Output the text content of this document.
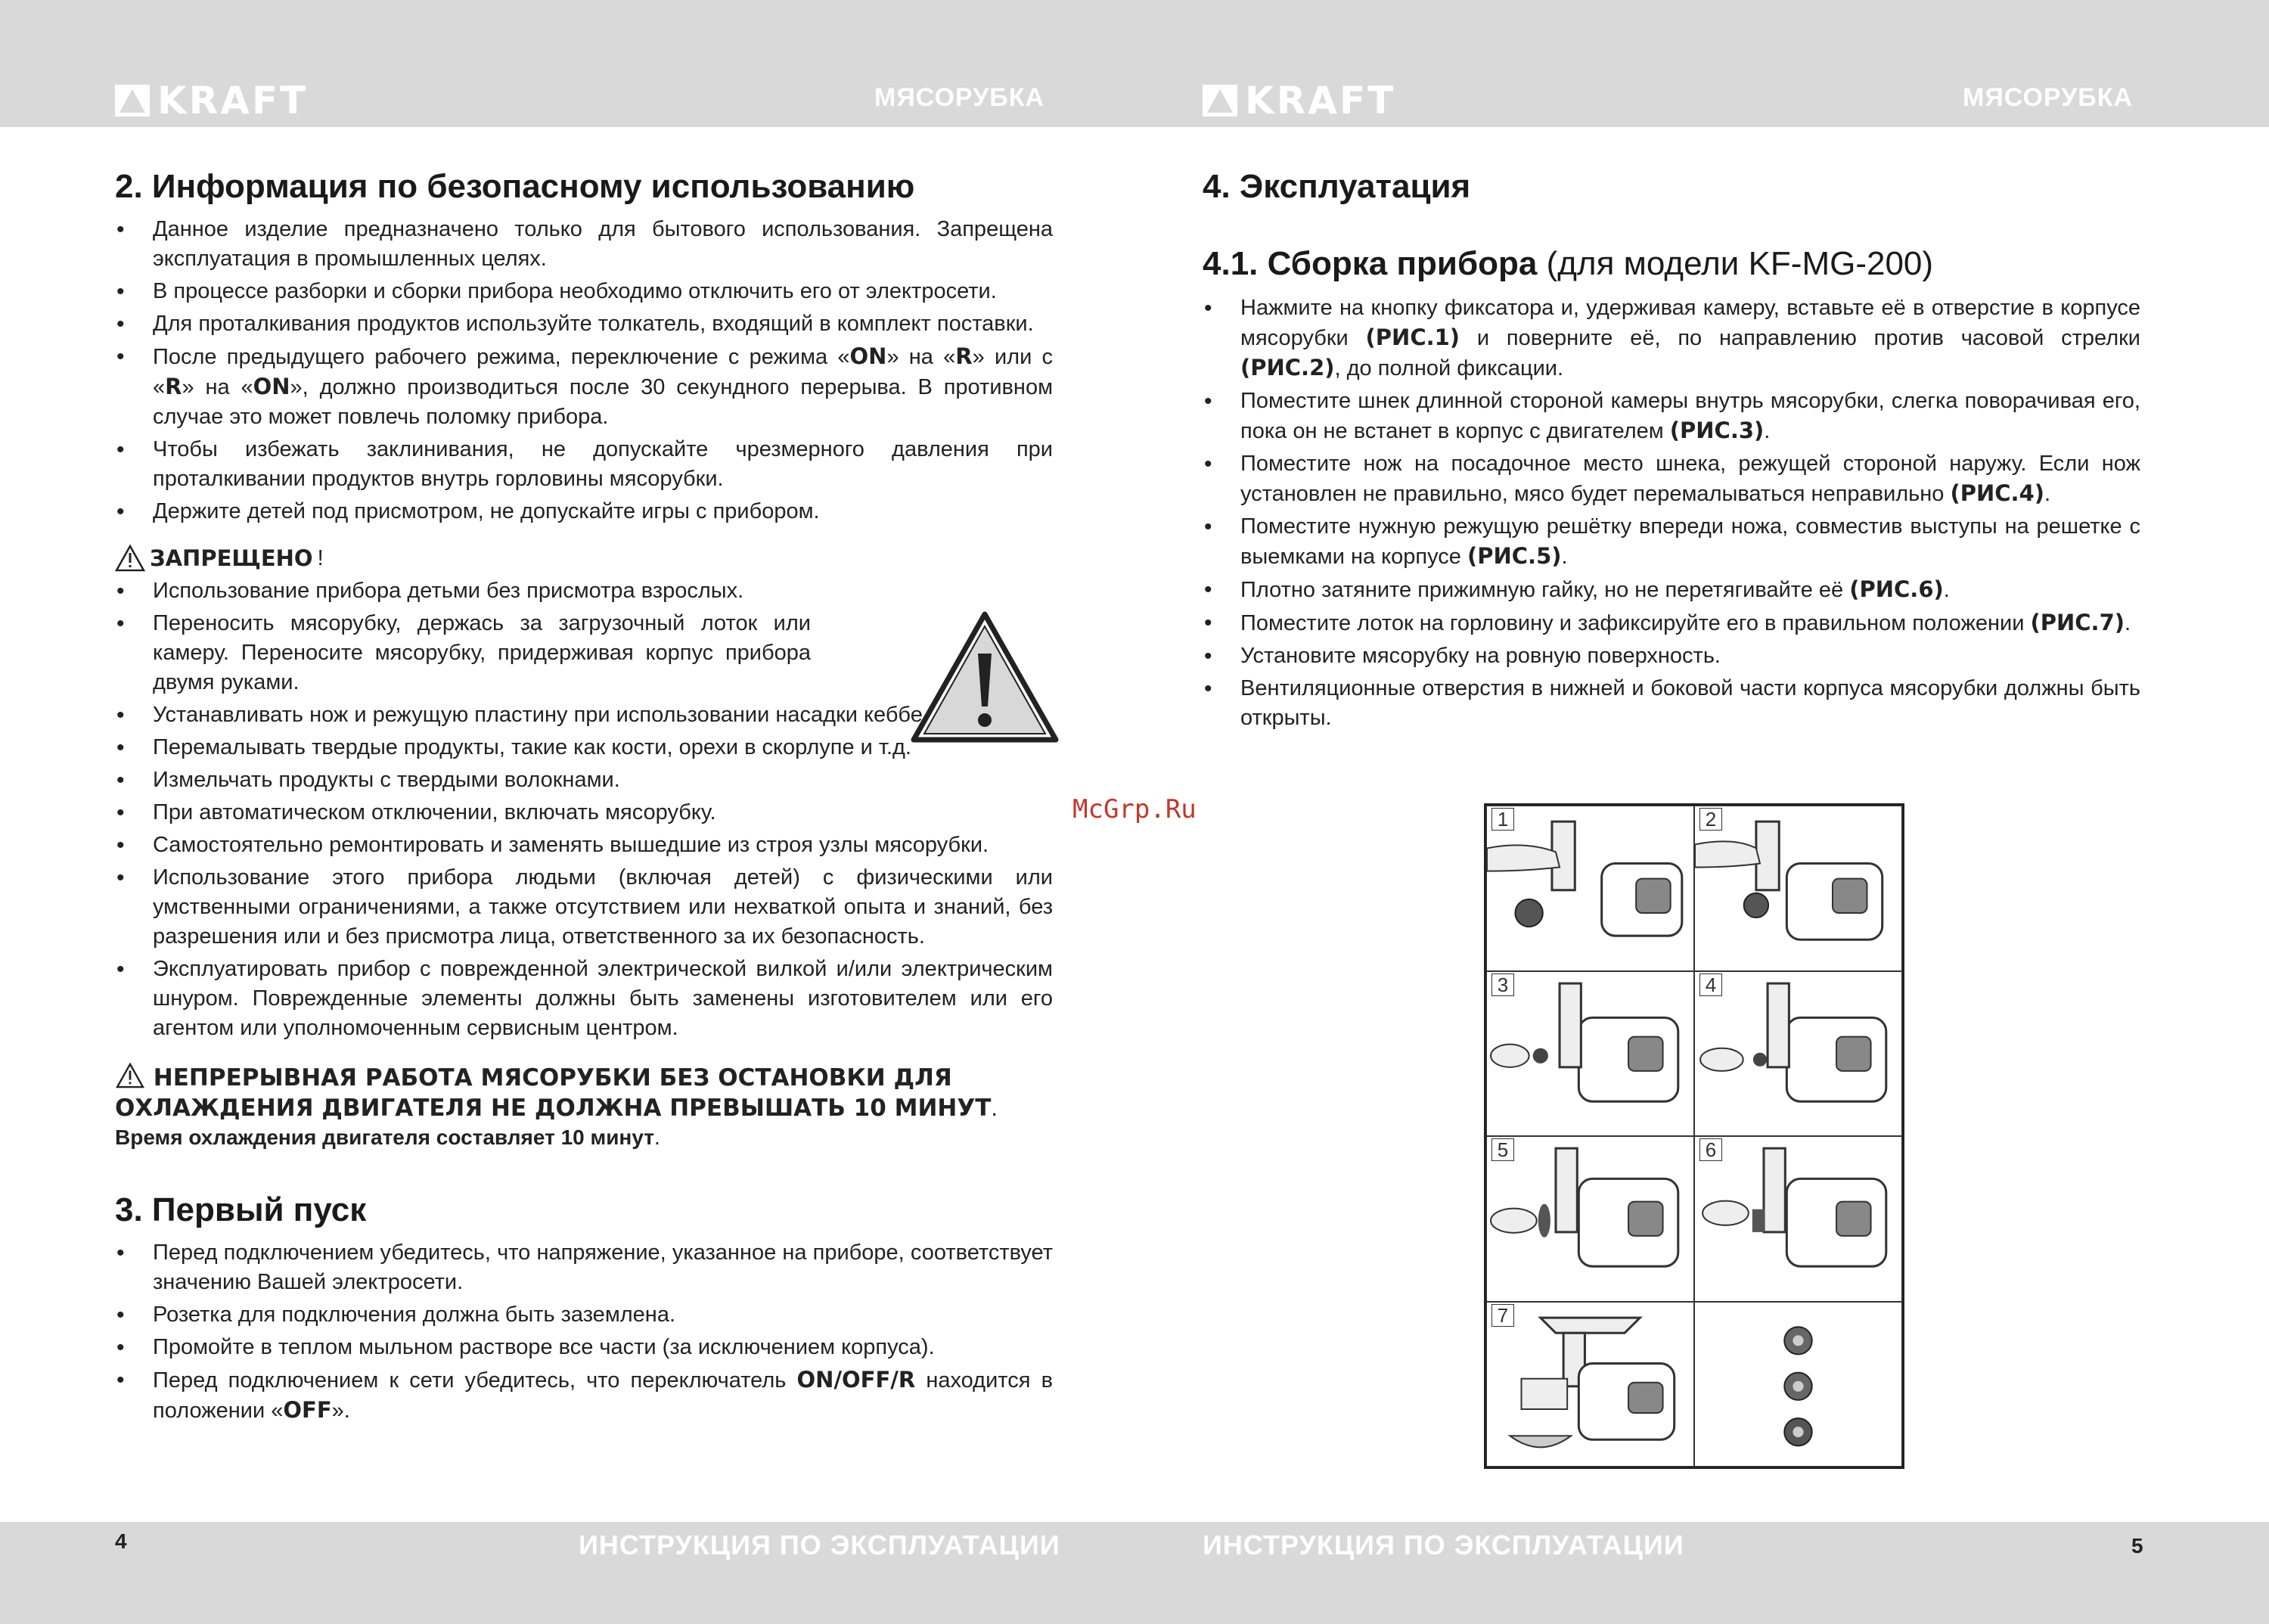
KRAFT	KRAFT
МЯСОРУБКА	МЯСОРУБКА
2. Информация по безопасному использованию
• Данное изделие предназначено только для бытового использования. Запрещена эксплуатация в промышленных целях.
• В процессе разборки и сборки прибора необходимо отключить его от электросети.
• Для проталкивания продуктов используйте толкатель, входящий в комплект поставки.
• После предыдущего рабочего режима, переключение с режима «ON» на «R» или с «R» на «ON», должно производиться после 30 секундного перерыва. В противном случае это может повлечь поломку прибора.
• Чтобы избежать заклинивания, не допускайте чрезмерного давления при проталкивании продуктов внутрь горловины мясорубки.
• Держите детей под присмотром, не допускайте игры с прибором.
ЗАПРЕЩЕНО !
• Использование прибора детьми без присмотра взрослых.
• Переносить мясорубку, держась за загрузочный лоток или камеру. Переносите мясорубку, придерживая корпус прибора двумя руками.
• Устанавливать нож и режущую пластину при использовании насадки кеббе.
• Перемалывать твердые продукты, такие как кости, орехи в скорлупе и т.д.
• Измельчать продукты с твердыми волокнами.
• При автоматическом отключении, включать мясорубку.
• Самостоятельно ремонтировать и заменять вышедшие из строя узлы мясорубки.
• Использование этого прибора людьми (включая детей) с физическими или умственными ограничениями, а также отсутствием или нехваткой опыта и знаний, без разрешения или и без присмотра лица, ответственного за их безопасность.
• Эксплуатировать прибор с поврежденной электрической вилкой и/или электрическим шнуром. Поврежденные элементы должны быть заменены изготовителем или его агентом или уполномоченным сервисным центром.
НЕПРЕРЫВНАЯ РАБОТА МЯСОРУБКИ БЕЗ ОСТАНОВКИ ДЛЯ ОХЛАЖДЕНИЯ ДВИГАТЕЛЯ НЕ ДОЛЖНА ПРЕВЫШАТЬ 10 МИНУТ.
Время охлаждения двигателя составляет 10 минут.
3. Первый пуск
• Перед подключением убедитесь, что напряжение, указанное на приборе, соответствует значению Вашей электросети.
• Розетка для подключения должна быть заземлена.
• Промойте в теплом мыльном растворе все части (за исключением корпуса).
• Перед подключением к сети убедитесь, что переключатель ON/OFF/R находится в положении «OFF».
4. Эксплуатация
4.1. Сборка прибора (для модели KF-MG-200)
• Нажмите на кнопку фиксатора и, удерживая камеру, вставьте её в отверстие в корпусе мясорубки (РИС.1) и поверните её, по направлению против часовой стрелки (РИС.2), до полной фиксации.
• Поместите шнек длинной стороной камеры внутрь мясорубки, слегка поворачивая его, пока он не встанет в корпус с двигателем (РИС.3).
• Поместите нож на посадочное место шнека, режущей стороной наружу. Если нож установлен не правильно, мясо будет перемалываться неправильно (РИС.4).
• Поместите нужную режущую решётку впереди ножа, совместив выступы на решетке с выемками на корпусе (РИС.5).
• Плотно затяните прижимную гайку, но не перетягивайте её (РИС.6).
• Поместите лоток на горловину и зафиксируйте его в правильном положении (РИС.7).
• Установите мясорубку на ровную поверхность.
• Вентиляционные отверстия в нижней и боковой части корпуса мясорубки должны быть открыты.
McGrp.Ru	1	2
3	4
5	6
7
4	ИНСТРУКЦИЯ ПО ЭКСПЛУАТАЦИИ	ИНСТРУКЦИЯ ПО ЭКСПЛУАТАЦИИ	5
